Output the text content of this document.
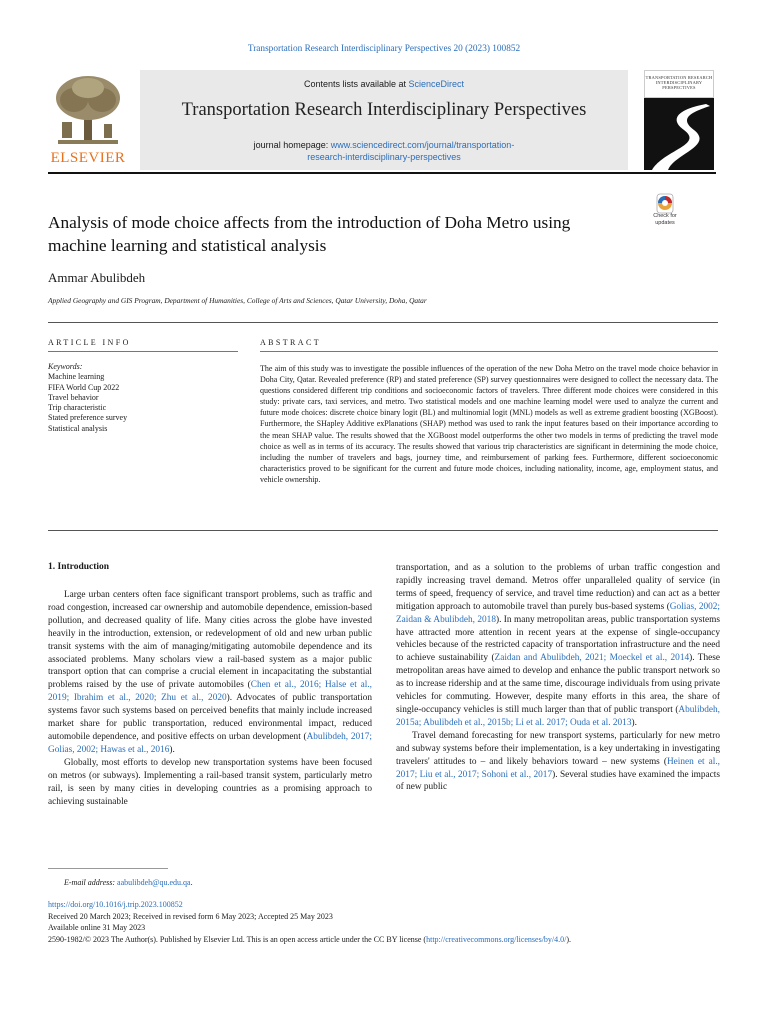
Transportation Research Interdisciplinary Perspectives 20 (2023) 100852
ELSEVIER
Contents lists available at ScienceDirect
Transportation Research Interdisciplinary Perspectives
journal homepage: www.sciencedirect.com/journal/transportation-
research-interdisciplinary-perspectives
TRANSPORTATION RESEARCH INTERDISCIPLINARY PERSPECTIVES
Analysis of mode choice affects from the introduction of Doha Metro using machine learning and statistical analysis
Check for
updates
Ammar Abulibdeh
Applied Geography and GIS Program, Department of Humanities, College of Arts and Sciences, Qatar University, Doha, Qatar
ARTICLE INFO	ABSTRACT
Keywords:
Machine learning
FIFA World Cup 2022
Travel behavior
Trip characteristic
Stated preference survey
Statistical analysis
The aim of this study was to investigate the possible influences of the operation of the new Doha Metro on the travel mode choice behavior in Doha City, Qatar. Revealed preference (RP) and stated preference (SP) survey questionnaires were designed to collect the necessary data. The questions considered different trip conditions and socioeconomic factors of travelers. Three different mode choices were considered in this study: private cars, taxi services, and metro. Two statistical models and one machine learning model were used to analyze the current and future mode choices: discrete choice binary logit (BL) and multinomial logit (MNL) models as well as extreme gradient boosting (XGBoost). Furthermore, the SHapley Additive exPlanations (SHAP) method was used to rank the input features based on their importance according to the mean SHAP value. The results showed that the XGBoost model outperforms the other two models in terms of predicting the travel mode choice as well as in terms of its accuracy. The results showed that various trip characteristics are significant in determining the mode choice, including the number of travelers and bags, journey time, and reimbursement of parking fees. Furthermore, different socioeconomic characteristics proved to be significant for the current and future mode choices, including nationality, income, age, employment status, and vehicle ownership.
1. Introduction

Large urban centers often face significant transport problems, such as traffic and road congestion, increased car ownership and automobile dependence, emission-based pollution, and decreased quality of life. Many cities across the globe have invested heavily in the introduction, extension, or redevelopment of old and new urban public transit systems with the aim of managing/mitigating automobile dependence and its associated problems. Many scholars view a rail-based system as a major public transport option that can comprise a crucial element in incapacitating the substantial problems raised by the use of private automobiles (Chen et al., 2016; Halse et al., 2019; Ibrahim et al., 2020; Zhu et al., 2020). Advocates of public transportation systems favor such systems based on perceived benefits that mainly include increased market share for public transportation, reduced environmental impact, reduced automobile dependence, and positive effects on urban development (Abulibdeh, 2017; Golias, 2002; Hawas et al., 2016).

Globally, most efforts to develop new transportation systems have been focused on metros (or subways). Implementing a rail-based transit system, particularly metro rail, is seen by many cities in developing countries as a promising approach to achieving sustainable

transportation, and as a solution to the problems of urban traffic congestion and rapidly increasing travel demand. Metros offer unparalleled quality of service (in terms of speed, frequency of service, and travel time reduction) and can act as a better mitigation approach to automobile travel than purely bus-based systems (Golias, 2002; Zaidan & Abulibdeh, 2018). In many metropolitan areas, public transportation systems have attracted more attention in recent years at the expense of single-occupancy vehicles because of the restricted capacity of transportation infrastructure and the need to achieve sustainability (Zaidan and Abulibdeh, 2021; Moeckel et al., 2014). These metropolitan areas have aimed to develop and enhance the public transport network so as to increase ridership and at the same time, discourage individuals from using private vehicles for commuting. However, despite many efforts in this area, the share of single-occupancy vehicles is still much larger than that of public transport (Abulibdeh, 2015a; Abulibdeh et al., 2015b; Li et al. 2017; Ouda et al. 2013).

Travel demand forecasting for new transport systems, particularly for new metro and subway systems before their implementation, is a key undertaking in investigating travelers' attitudes to – and likely behaviors toward – new systems (Heinen et al., 2017; Liu et al., 2017; Sohoni et al., 2017). Several studies have examined the impacts of new public

E-mail address: aabulibdeh@qu.edu.qa.
https://doi.org/10.1016/j.trip.2023.100852
Received 20 March 2023; Received in revised form 6 May 2023; Accepted 25 May 2023
Available online 31 May 2023
2590-1982/© 2023 The Author(s). Published by Elsevier Ltd. This is an open access article under the CC BY license (http://creativecommons.org/licenses/by/4.0/).
